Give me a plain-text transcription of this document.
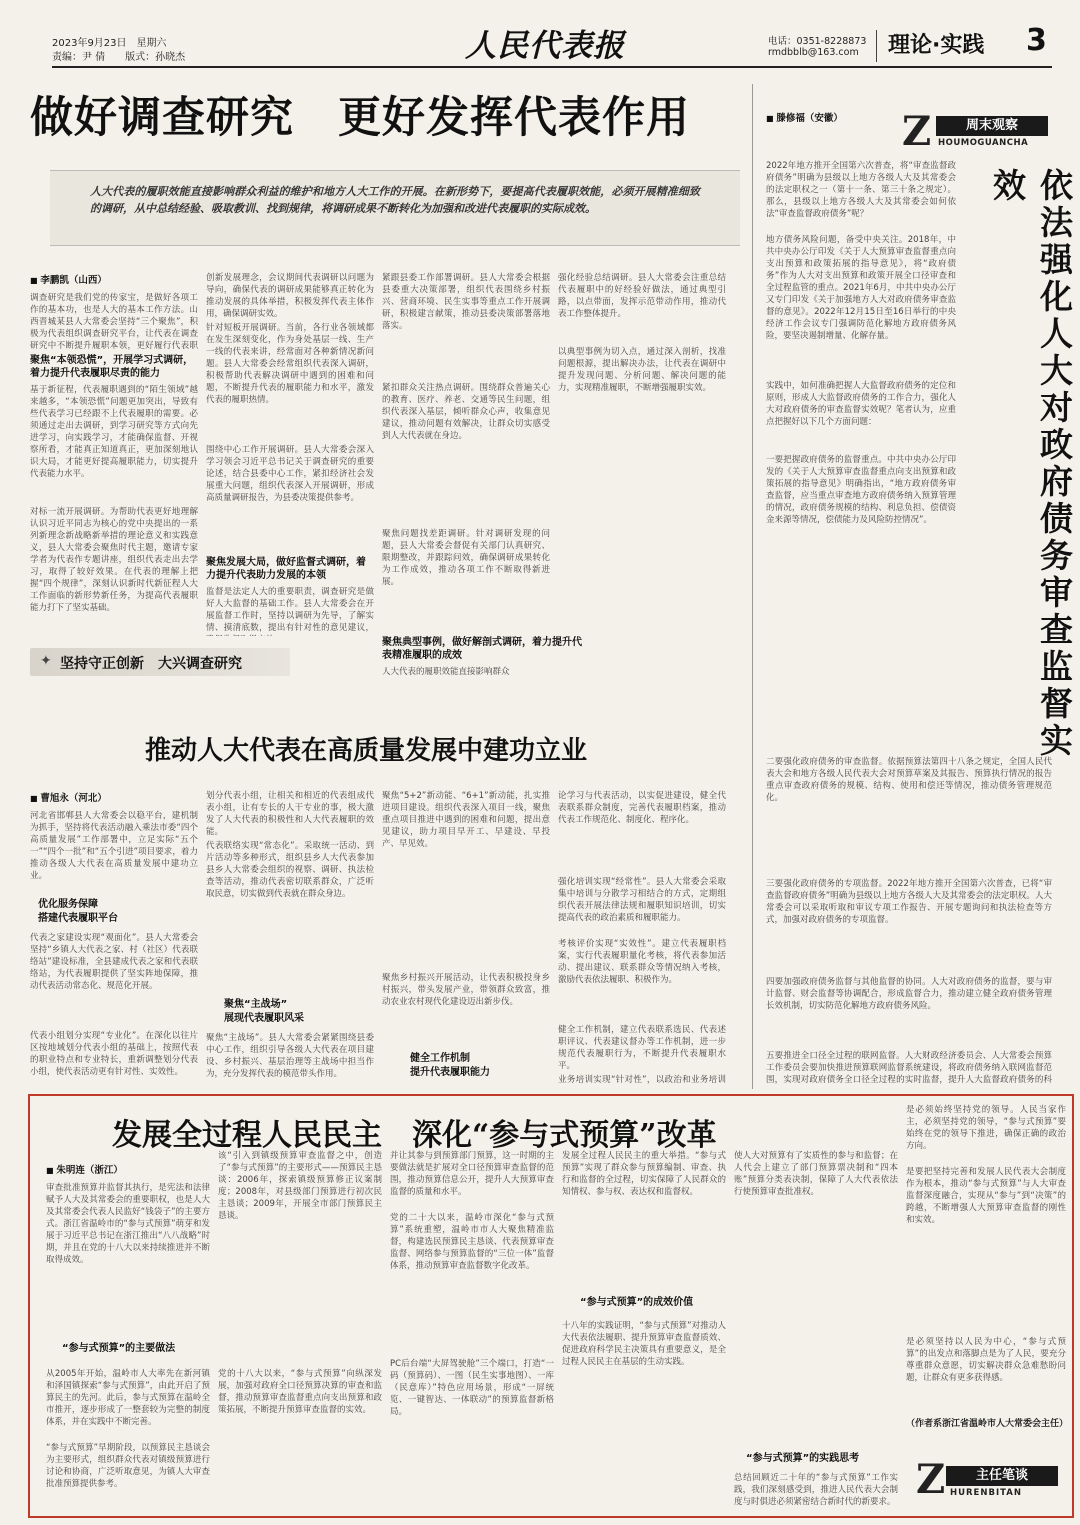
2023年9月23日　星期六
责编：尹 倩　　版式：孙晓杰	人民代表报	电话：0351-8228873
rmdbblb@163.com 理论·实践 3
做好调查研究　更好发挥代表作用
人大代表的履职效能直接影响群众利益的维护和地方人大工作的开展。在新形势下，要提高代表履职效能，必须开展精准细致的调研，从中总结经验、吸取教训、找到规律，将调研成果不断转化为加强和改进代表履职的实际成效。
■ 李鹏凯（山西）
调查研究是我们党的传家宝，是做好各项工作的基本功，也是人大的基本工作方法。山西晋城某县人大常委会坚持“三个聚焦”，积极为代表组织调查研究平台，让代表在调查研究中不断提升履职本领，更好履行代表职
聚焦“本领恐慌”，开展学习式调研，着力提升代表履职尽责的能力
基于新征程，代表履职遇到的“陌生领域”越来越多，“本领恐慌”问题更加突出，导致有些代表学习已经跟不上代表履职的需要。必须通过走出去调研，到学习研究等方式向先进学习，向实践学习，才能确保监督、开视察所看，才能真正知道真正，更加深刻地认识大局，才能更好提高履职能力，切实提升代表能力水平。
对标一流开展调研。为帮助代表更好地理解认识习近平同志为核心的党中央提出的一系列新理念新战略新举措的理论意义和实践意义，县人大常委会聚焦时代主题，邀请专家学者为代表作专题讲座，组织代表走出去学习，取得了较好效果。在代表的理解上把握“四个规律”，深刻认识新时代新征程人大工作面临的新形势新任务，为提高代表履职能力打下了坚实基础。
创新发展理念，会议期间代表调研以问题为导向，确保代表的调研成果能够真正转化为推动发展的具体举措，积极发挥代表主体作用，确保调研实效。
针对短板开展调研。当前，各行业各领域都在发生深刻变化，作为身处基层一线、生产一线的代表来讲，经常面对各种新情况新问题。县人大常委会经常组织代表深入调研，积极帮助代表解决调研中遇到的困难和问题，不断提升代表的履职能力和水平，激发代表的履职热情。
围绕中心工作开展调研。县人大常委会深入学习领会习近平总书记关于调查研究的重要论述，结合县委中心工作，紧扣经济社会发展重大问题，组织代表深入开展调研，形成高质量调研报告，为县委决策提供参考。
聚焦发展大局，做好监督式调研，着力提升代表助力发展的本领
监督是法定人大的重要职责，调查研究是做好人大监督的基础工作。县人大常委会在开展监督工作时，坚持以调研为先导，了解实情、摸清底数，提出有针对性的意见建议，
紧跟县委工作部署调研。县人大常委会根据县委重大决策部署，组织代表围绕乡村振兴、营商环境、民生实事等重点工作开展调研，积极建言献策，推动县委决策部署落地落实。
紧扣群众关注热点调研。围绕群众普遍关心的教育、医疗、养老、交通等民生问题，组织代表深入基层，倾听群众心声，收集意见建议，推动问题有效解决，让群众切实感受到人大代表就在身边。
聚焦问题找差距调研。针对调研发现的问题，县人大常委会督促有关部门认真研究、限期整改，并跟踪问效，确保调研成果转化为工作成效，推动各项工作不断取得新进展。
强化经验总结调研。县人大常委会注重总结代表履职中的好经验好做法，通过典型引路，以点带面，发挥示范带动作用，推动代表工作整体提升。
以典型事例为切入点，通过深入剖析，找准问题根源，提出解决办法，让代表在调研中提升发现问题、分析问题、解决问题的能力，实现精准履职，不断增强履职实效。
✦ 坚持守正创新　大兴调查研究
聚焦典型事例，做好解剖式调研，着力提升代表精准履职的成效
人大代表的履职效能直接影响群众
推动人大代表在高质量发展中建功立业
■ 曹旭永（河北）
河北省邯郸县人大常委会以稳平台，建机制为抓手，坚持将代表活动融入乘法市委“四个高质量发展”工作部署中，立足实际“五个一”“四个一批”和“五个引进”项目要求，着力推动各级人大代表在高质量发展中建功立业。
优化服务保障
搭建代表履职平台
代表之家建设实现“观面化”。县人大常委会坚持“乡镇人大代表之家、村（社区）代表联络站”建设标准，全县建成代表之家和代表联络站，为代表履职提供了坚实阵地保障，推动代表活动常态化、规范化开展。
代表小组划分实现“专业化”。在深化以往片区按地域划分代表小组的基础上，按照代表的职业特点和专业特长，重新调整划分代表小组，使代表活动更有针对性、实效性。
划分代表小组，让相关和相近的代表组成代表小组，让有专长的人干专业的事，极大激发了人大代表的积极性和人大代表履职的效能。
代表联络实现“常态化”。采取统一活动、到片活动等多种形式，组织县乡人大代表参加县乡人大常委会组织的视察、调研、执法检查等活动，推动代表密切联系群众，广泛听取民意，切实做到代表就在群众身边。
聚焦“主战场”
展现代表履职风采
聚焦“主战场”。县人大常委会紧紧围绕县委中心工作，组织引导各级人大代表在项目建设、乡村振兴、基层治理等主战场中担当作为，充分发挥代表的模范带头作用。
聚焦“5+2”新动能、“6+1”新动能，扎实推进项目建设。组织代表深入项目一线，聚焦重点项目推进中遇到的困难和问题，提出意见建议，助力项目早开工、早建设、早投产、早见效。
聚焦乡村振兴开展活动，让代表积极投身乡村振兴，带头发展产业，带领群众致富，推动农业农村现代化建设迈出新步伐。
论学习与代表活动，以实促进建设，健全代表联系群众制度，完善代表履职档案，推动代表工作规范化、制度化、程序化。
强化培训实现“经常性”。县人大常委会采取集中培训与分散学习相结合的方式，定期组织代表开展法律法规和履职知识培训，切实提高代表的政治素质和履职能力。
考核评价实现“实效性”。建立代表履职档案，实行代表履职量化考核，将代表参加活动、提出建议、联系群众等情况纳入考核，激励代表依法履职、积极作为。
健全工作机制
提升代表履职能力
健全工作机制，建立代表联系选民、代表述职评议、代表建议督办等工作机制，进一步规范代表履职行为，不断提升代表履职水平。
业务培训实现“针对性”，以政治和业务培训
■ 滕修福（安徽） Z	周末观察
HOUMOGUANCHA
2022年地方推开全国第六次普查，将“审查监督政府债务”明确为县级以上地方各级人大及其常委会的法定职权之一（第十一条、第三十条之规定）。那么，县级以上地方各级人大及其常委会如何依法“审查监督政府债务”呢？
地方债务风险问题，备受中央关注。2018年，中共中央办公厅印发《关于人大预算审查监督重点向支出预算和政策拓展的指导意见》，将“政府债务”作为人大对支出预算和政策开展全口径审查和全过程监管的重点。2021年6月，中共中央办公厅又专门印发《关于加强地方人大对政府债务审查监督的意见》。2022年12月15日至16日举行的中央经济工作会议专门强调防范化解地方政府债务风险，要坚决遏制增量、化解存量。	依法强化人大对政府债务审查监督实效
实践中，如何准确把握人大监督政府债务的定位和原则，形成人大监督政府债务的工作合力，强化人大对政府债务的审查监督实效呢？笔者认为，应重点把握好以下几个方面问题：
一要把握政府债务的监督重点。中共中央办公厅印发的《关于人大预算审查监督重点向支出预算和政策拓展的指导意见》明确指出，“地方政府债务审查监督，应当重点审查地方政府债务纳入预算管理的情况，政府债务规模的结构、利息负担、偿债资金来源等情况，偿债能力及风险防控情况”。
二要强化政府债务的审查监督。依据预算法第四十八条之规定，全国人民代表大会和地方各级人民代表大会对预算草案及其报告、预算执行情况的报告重点审查政府债务的规模、结构、使用和偿还等情况，推动债务管理规范化。
三要强化政府债务的专项监督。2022年地方推开全国第六次普查，已将“审查监督政府债务”明确为县级以上地方各级人大及其常委会的法定职权。人大常委会可以采取听取和审议专项工作报告、开展专题询问和执法检查等方式，加强对政府债务的专项监督。
四要加强政府债务监督与其他监督的协同。人大对政府债务的监督，要与审计监督、财会监督等协调配合，形成监督合力，推动建立健全政府债务管理长效机制，切实防范化解地方政府债务风险。
五要推进全口径全过程的联网监督。人大财政经济委员会、人大常委会预算工作委员会要加快推进预算联网监督系统建设，将政府债务纳入联网监督范围，实现对政府债务全口径全过程的实时监督，提升人大监督政府债务的科
发展全过程人民民主　深化“参与式预算”改革
■ 朱明连（浙江）
审查批准预算并监督其执行，是宪法和法律赋予人大及其常委会的重要职权，也是人大及其常委会代表人民监好“钱袋子”的主要方式。浙江省温岭市的“参与式预算”萌芽和发展于习近平总书记在浙江推出“八八战略”时期，并且在党的十八大以来持续推进并不断取得成效。
“参与式预算”的主要做法
从2005年开始，温岭市人大率先在新河镇和泽国镇探索“参与式预算”，由此开启了预算民主的先河。此后，参与式预算在温岭全市推开，逐步形成了一整套较为完整的制度体系，并在实践中不断完善。
“参与式预算”早期阶段，以预算民主恳谈会为主要形式，组织群众代表对镇级预算进行讨论和协商，广泛听取意见，为镇人大审查批准预算提供参考。
该“引入到镇级预算审查监督之中，创造了“参与式预算”的主要形式——预算民主恳谈：2006年，探索镇级预算修正议案制度；2008年，对县级部门预算进行初次民主恳谈；2009年，开展全市部门预算民主恳谈。
党的十八大以来，“参与式预算”向纵深发展，加强对政府全口径预算决算的审查和监督，推动预算审查监督重点向支出预算和政策拓展，不断提升预算审查监督的实效。
并让其参与到预算部门预算，这一时期的主要做法就是扩展对全口径预算审查监督的范围，推动预算信息公开，提升人大预算审查监督的质量和水平。
党的二十大以来，温岭市深化“参与式预算”系统重塑，温岭市市人大聚焦精准监督，构建选民预算民主恳谈、代表预算审查监督、网络参与预算监督的“三位一体”监督体系，推动预算审查监督数字化改革。
PC后台端“大屏驾驶舱”三个端口，打造“一码（预算码）、一图（民生实事地图）、一库（民意库）”特色应用场景，形成“一屏统览、一键智达、一体联动”的预算监督新格局。
发展全过程人民民主的重大举措。“参与式预算”实现了群众参与预算编制、审查、执行和监督的全过程，切实保障了人民群众的知情权、参与权、表达权和监督权。
“参与式预算”的成效价值
十八年的实践证明，“参与式预算”对推动人大代表依法履职、提升预算审查监督质效、促进政府科学民主决策具有重要意义，是全过程人民民主在基层的生动实践。
使人大对预算有了实质性的参与和监督；在人代会上建立了部门预算票决制和“四本账”预算分类表决制，保障了人大代表依法行使预算审查批准权。
“参与式预算”的实践思考
总结回顾近二十年的“参与式预算”工作实践，我们深刻感受到，推进人民代表大会制度与时俱进必须紧密结合新时代的新要求。
是必须始终坚持党的领导。人民当家作主，必须坚持党的领导，“参与式预算”要始终在党的领导下推进，确保正确的政治方向。
是要把坚持完善和发展人民代表大会制度作为根本，推动“参与式预算”与人大审查监督深度融合，实现从“参与”到“决策”的跨越，不断增强人大预算审查监督的刚性和实效。
是必须坚持以人民为中心，“参与式预算”的出发点和落脚点是为了人民，要充分尊重群众意愿，切实解决群众急难愁盼问题，让群众有更多获得感。
（作者系浙江省温岭市人大常委会主任）
Z	主任笔谈
HURENBITAN
